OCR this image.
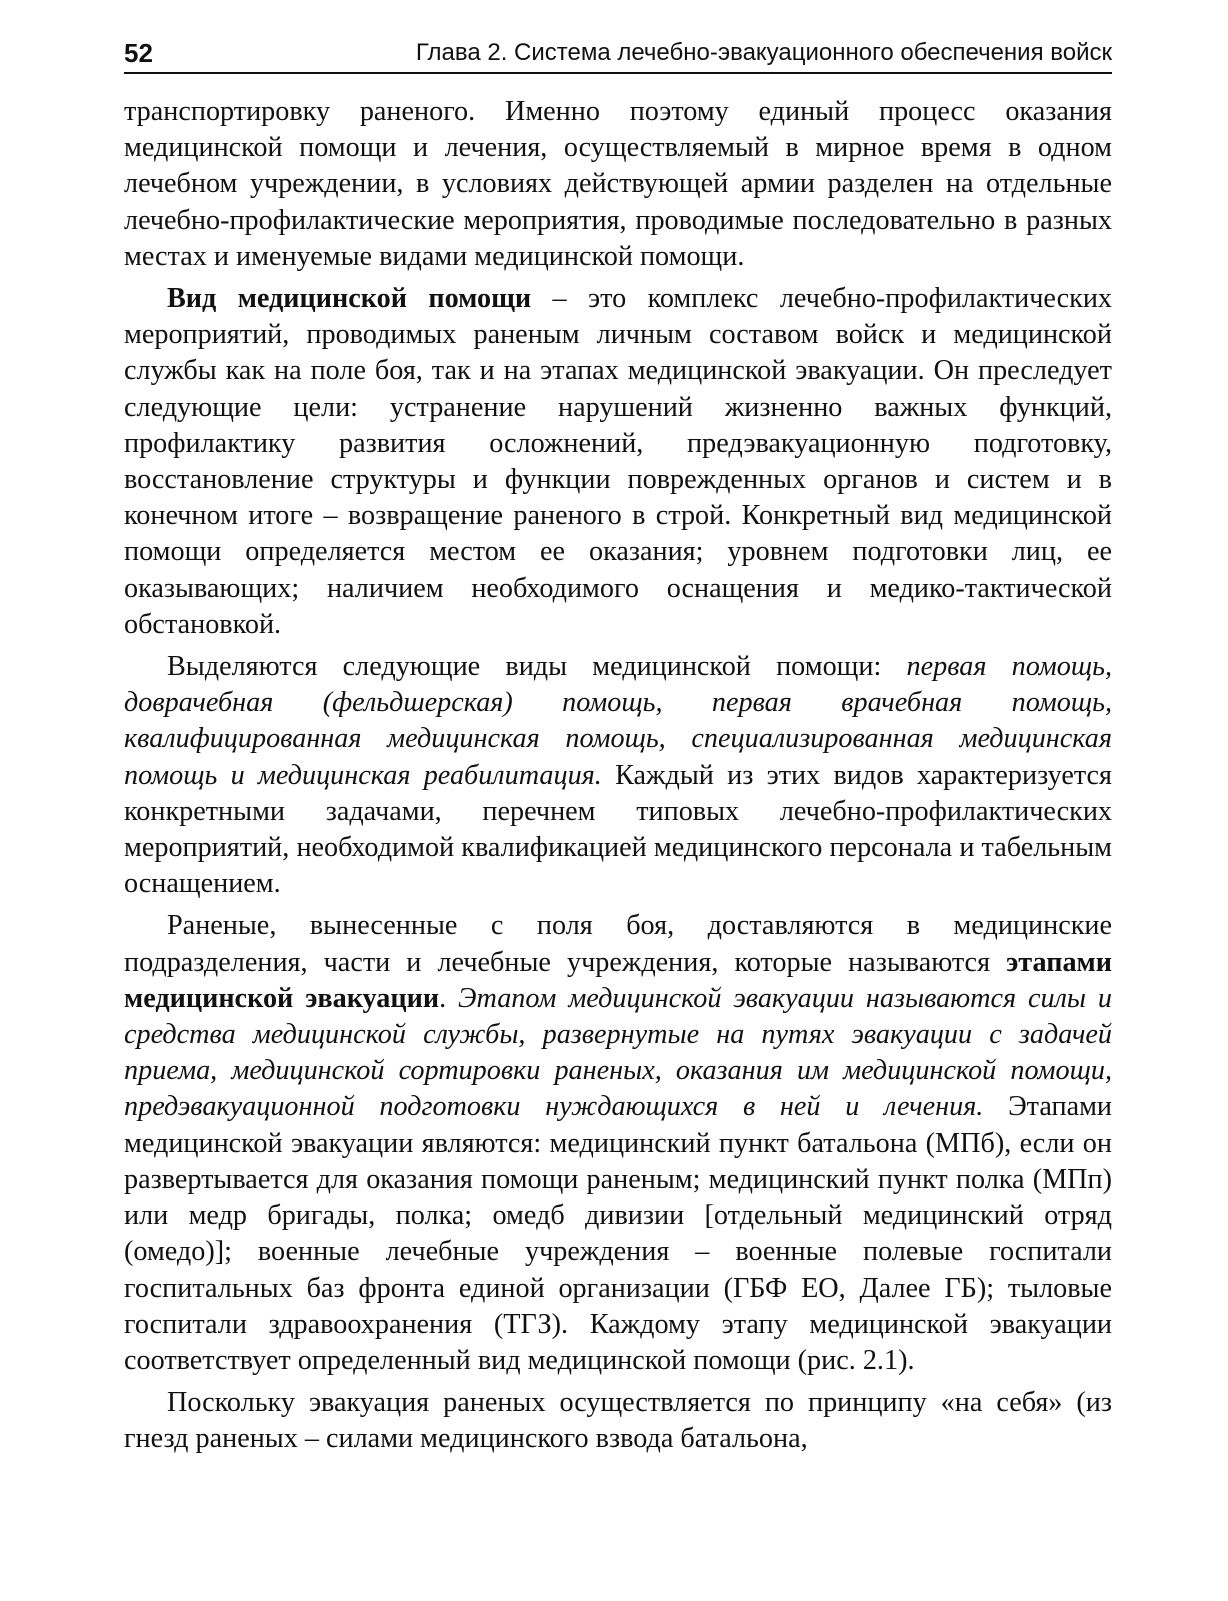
52	Глава 2. Система лечебно-эвакуационного обеспечения войск

транспортировку раненого. Именно поэтому единый процесс оказания медицинской помощи и лечения, осуществляемый в мирное время в одном лечебном учреждении, в условиях действующей армии разделен на отдельные лечебно-профилактические мероприятия, проводимые последовательно в разных местах и именуемые видами медицинской помощи.

Вид медицинской помощи – это комплекс лечебно-профилактических мероприятий, проводимых раненым личным составом войск и медицинской службы как на поле боя, так и на этапах медицинской эвакуации. Он преследует следующие цели: устранение нарушений жизненно важных функций, профилактику развития осложнений, предэвакуационную подготовку, восстановление структуры и функции поврежденных органов и систем и в конечном итоге – возвращение раненого в строй. Конкретный вид медицинской помощи определяется местом ее оказания; уровнем подготовки лиц, ее оказывающих; наличием необходимого оснащения и медико-тактической обстановкой.

Выделяются следующие виды медицинской помощи: первая помощь, доврачебная (фельдшерская) помощь, первая врачебная помощь, квалифицированная медицинская помощь, специализированная медицинская помощь и медицинская реабилитация. Каждый из этих видов характеризуется конкретными задачами, перечнем типовых лечебно-профилактических мероприятий, необходимой квалификацией медицинского персонала и табельным оснащением.

Раненые, вынесенные с поля боя, доставляются в медицинские подразделения, части и лечебные учреждения, которые называются этапами медицинской эвакуации. Этапом медицинской эвакуации называются силы и средства медицинской службы, развернутые на путях эвакуации с задачей приема, медицинской сортировки раненых, оказания им медицинской помощи, предэвакуационной подготовки нуждающихся в ней и лечения. Этапами медицинской эвакуации являются: медицинский пункт батальона (МПб), если он развертывается для оказания помощи раненым; медицинский пункт полка (МПп) или медр бригады, полка; омедб дивизии [отдельный медицинский отряд (омедо)]; военные лечебные учреждения – военные полевые госпитали госпитальных баз фронта единой организации (ГБФ ЕО, Далее ГБ); тыловые госпитали здравоохранения (ТГЗ). Каждому этапу медицинской эвакуации соответствует определенный вид медицинской помощи (рис. 2.1).

Поскольку эвакуация раненых осуществляется по принципу «на себя» (из гнезд раненых – силами медицинского взвода батальона,
